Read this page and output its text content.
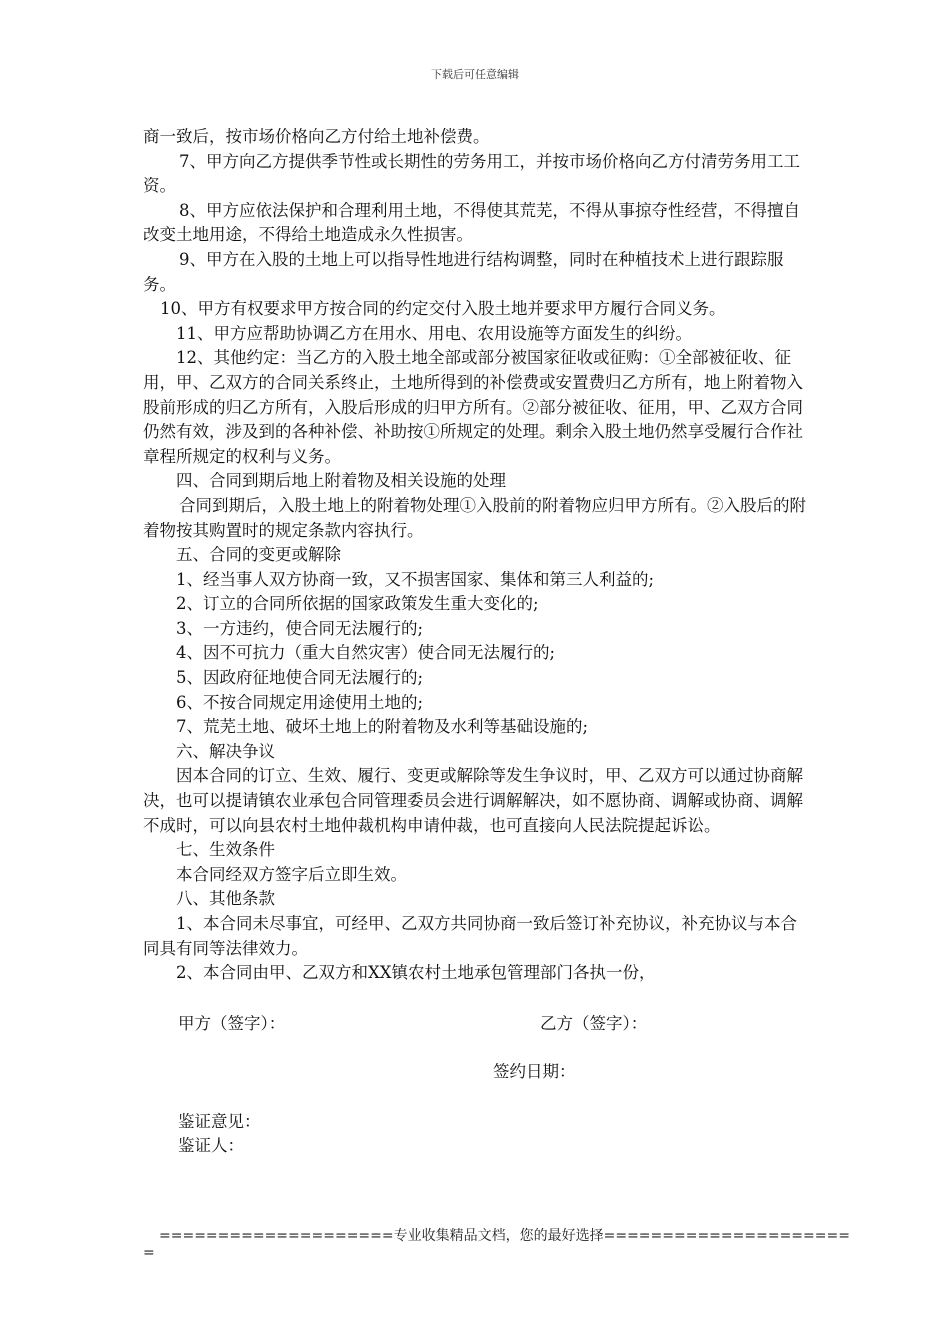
下载后可任意编辑

商一致后，按市场价格向乙方付给土地补偿费。

7、甲方向乙方提供季节性或长期性的劳务用工，并按市场价格向乙方付清劳务用工工资。

8、甲方应依法保护和合理利用土地，不得使其荒芜，不得从事掠夺性经营，不得擅自改变土地用途，不得给土地造成永久性损害。

9、甲方在入股的土地上可以指导性地进行结构调整，同时在种植技术上进行跟踪服务。

10、甲方有权要求甲方按合同的约定交付入股土地并要求甲方履行合同义务。

11、甲方应帮助协调乙方在用水、用电、农用设施等方面发生的纠纷。

12、其他约定：当乙方的入股土地全部或部分被国家征收或征购：①全部被征收、征用，甲、乙双方的合同关系终止，土地所得到的补偿费或安置费归乙方所有，地上附着物入股前形成的归乙方所有，入股后形成的归甲方所有。②部分被征收、征用，甲、乙双方合同仍然有效，涉及到的各种补偿、补助按①所规定的处理。剩余入股土地仍然享受履行合作社章程所规定的权利与义务。

四、合同到期后地上附着物及相关设施的处理

合同到期后，入股土地上的附着物处理①入股前的附着物应归甲方所有。②入股后的附着物按其购置时的规定条款内容执行。

五、合同的变更或解除

1、经当事人双方协商一致，又不损害国家、集体和第三人利益的;

2、订立的合同所依据的国家政策发生重大变化的;

3、一方违约，使合同无法履行的;

4、因不可抗力（重大自然灾害）使合同无法履行的;

5、因政府征地使合同无法履行的;

6、不按合同规定用途使用土地的;

7、荒芜土地、破坏土地上的附着物及水利等基础设施的;

六、解决争议

因本合同的订立、生效、履行、变更或解除等发生争议时，甲、乙双方可以通过协商解决，也可以提请镇农业承包合同管理委员会进行调解解决，如不愿协商、调解或协商、调解不成时，可以向县农村土地仲裁机构申请仲裁，也可直接向人民法院提起诉讼。

七、生效条件

本合同经双方签字后立即生效。

八、其他条款

1、本合同未尽事宜，可经甲、乙双方共同协商一致后签订补充协议，补充协议与本合同具有同等法律效力。

2、本合同由甲、乙双方和XX镇农村土地承包管理部门各执一份，

甲方（签字）：	乙方（签字）：
签约日期：
鉴证意见：
鉴证人：
====================专业收集精品文档，您的最好选择=====================
=
